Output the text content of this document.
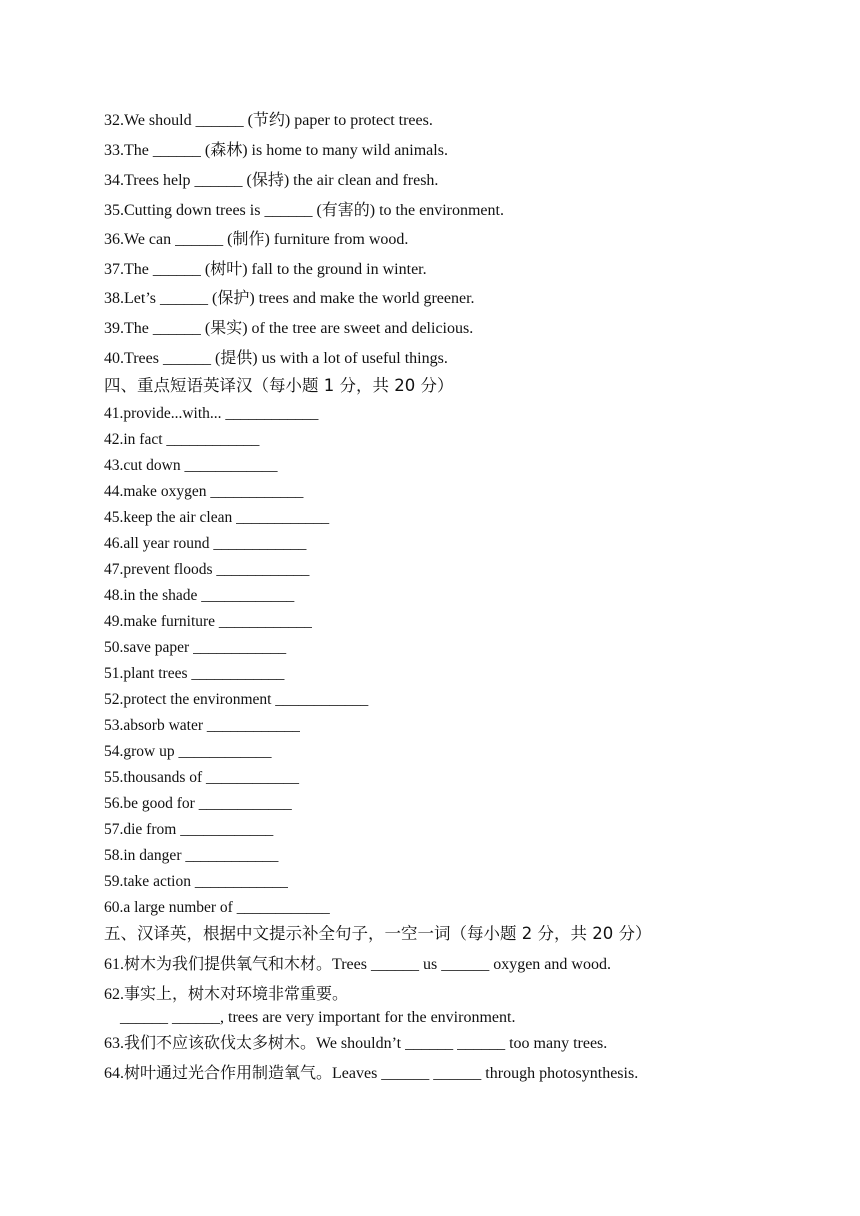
32.We should ______ (节约) paper to protect trees.
33.The ______ (森林) is home to many wild animals.
34.Trees help ______ (保持) the air clean and fresh.
35.Cutting down trees is ______ (有害的) to the environment.
36.We can ______ (制作) furniture from wood.
37.The ______ (树叶) fall to the ground in winter.
38.Let’s ______ (保护) trees and make the world greener.
39.The ______ (果实) of the tree are sweet and delicious.
40.Trees ______ (提供) us with a lot of useful things.
四、重点短语英译汉（每小题 1 分，共 20 分）
41.provide...with... ____________
42.in fact ____________
43.cut down ____________
44.make oxygen ____________
45.keep the air clean ____________
46.all year round ____________
47.prevent floods ____________
48.in the shade ____________
49.make furniture ____________
50.save paper ____________
51.plant trees ____________
52.protect the environment ____________
53.absorb water ____________
54.grow up ____________
55.thousands of ____________
56.be good for ____________
57.die from ____________
58.in danger ____________
59.take action ____________
60.a large number of ____________
五、汉译英，根据中文提示补全句子，一空一词（每小题 2 分，共 20 分）
61.树木为我们提供氧气和木材。Trees ______ us ______ oxygen and wood.
62.事实上，树木对环境非常重要。
______ ______, trees are very important for the environment.
63.我们不应该砍伐太多树木。We shouldn’t ______ ______ too many trees.
64.树叶通过光合作用制造氧气。Leaves ______ ______ through photosynthesis.
